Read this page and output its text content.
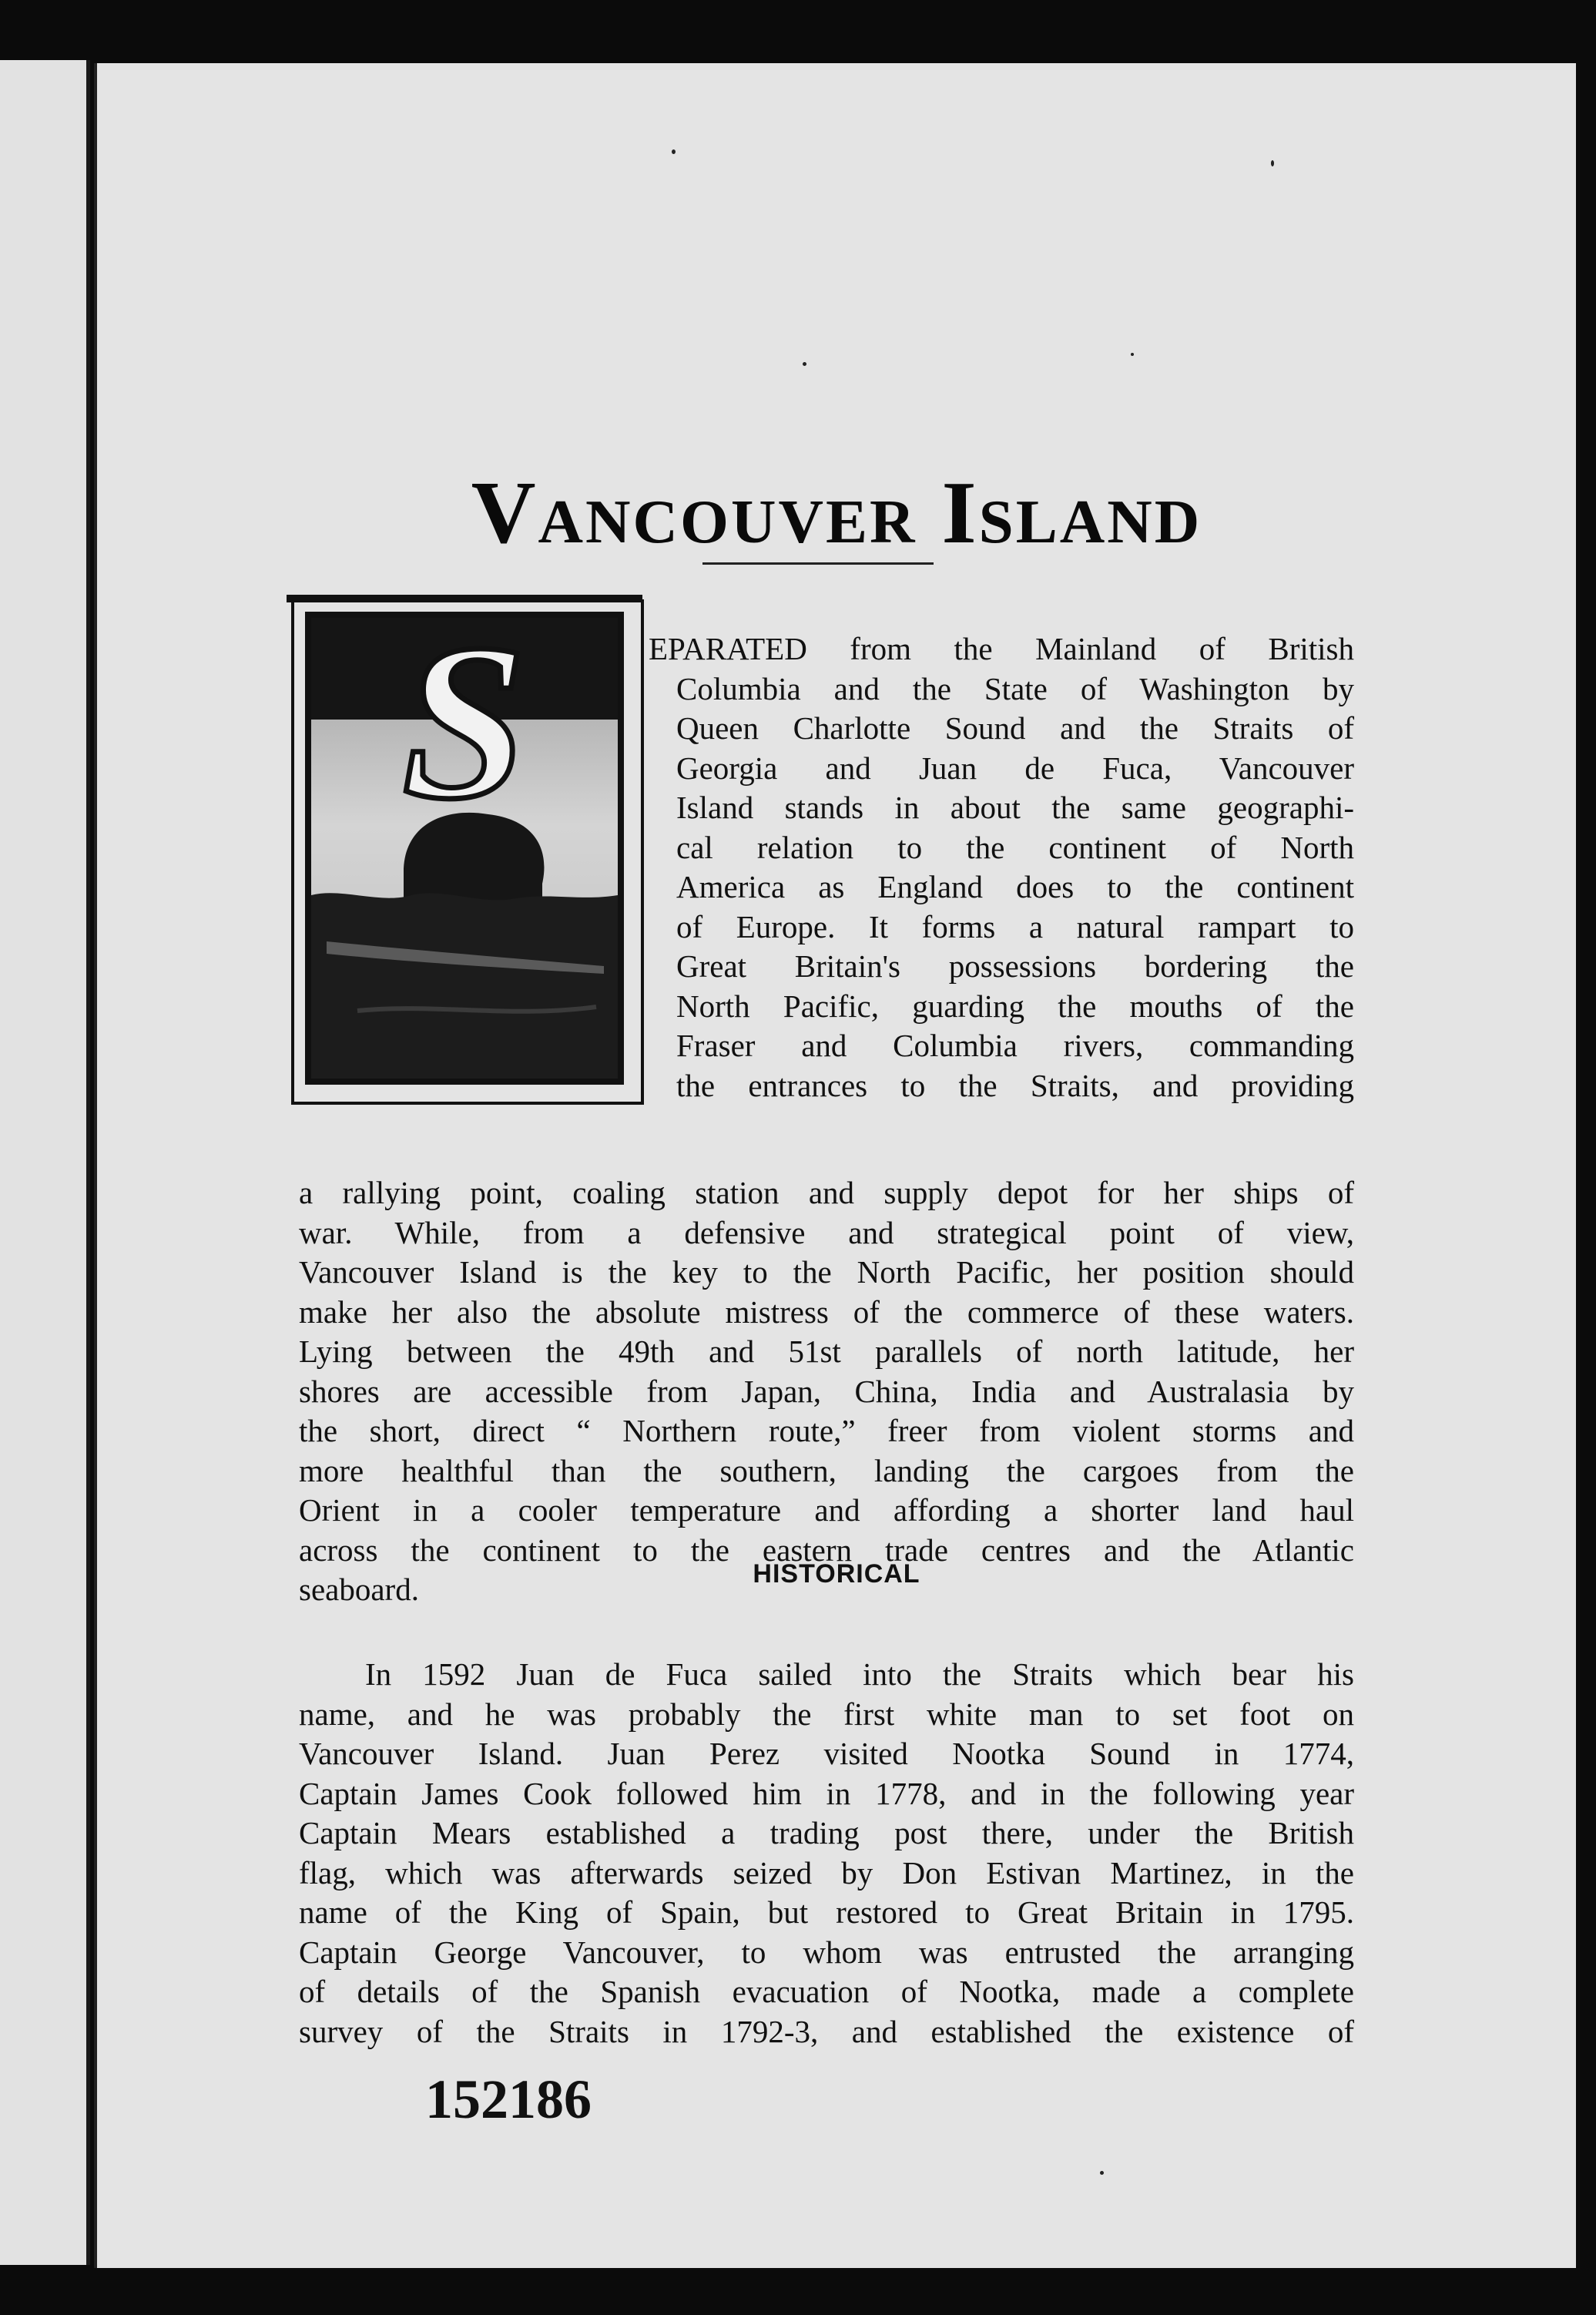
Vancouver Island
S	EPARATED from the Mainland of British
Columbia and the State of Washington by
Queen Charlotte Sound and the Straits of
Georgia and Juan de Fuca, Vancouver
Island stands in about the same geographi-
cal relation to the continent of North
America as England does to the continent
of Europe. It forms a natural rampart to
Great Britain's possessions bordering the
North Pacific, guarding the mouths of the
Fraser and Columbia rivers, commanding
the entrances to the Straits, and providing
a rallying point, coaling station and supply depot for her ships of
war. While, from a defensive and strategical point of view,
Vancouver Island is the key to the North Pacific, her position should
make her also the absolute mistress of the commerce of these waters.
Lying between the 49th and 51st parallels of north latitude, her
shores are accessible from Japan, China, India and Australasia by
the short, direct “ Northern route,” freer from violent storms and
more healthful than the southern, landing the cargoes from the
Orient in a cooler temperature and affording a shorter land haul
across the continent to the eastern trade centres and the Atlantic
seaboard.	HISTORICAL
In 1592 Juan de Fuca sailed into the Straits which bear his
name, and he was probably the first white man to set foot on
Vancouver Island. Juan Perez visited Nootka Sound in 1774,
Captain James Cook followed him in 1778, and in the following year
Captain Mears established a trading post there, under the British
flag, which was afterwards seized by Don Estivan Martinez, in the
name of the King of Spain, but restored to Great Britain in 1795.
Captain George Vancouver, to whom was entrusted the arranging
of details of the Spanish evacuation of Nootka, made a complete
survey of the Straits in 1792-3, and established the existence of
152186
